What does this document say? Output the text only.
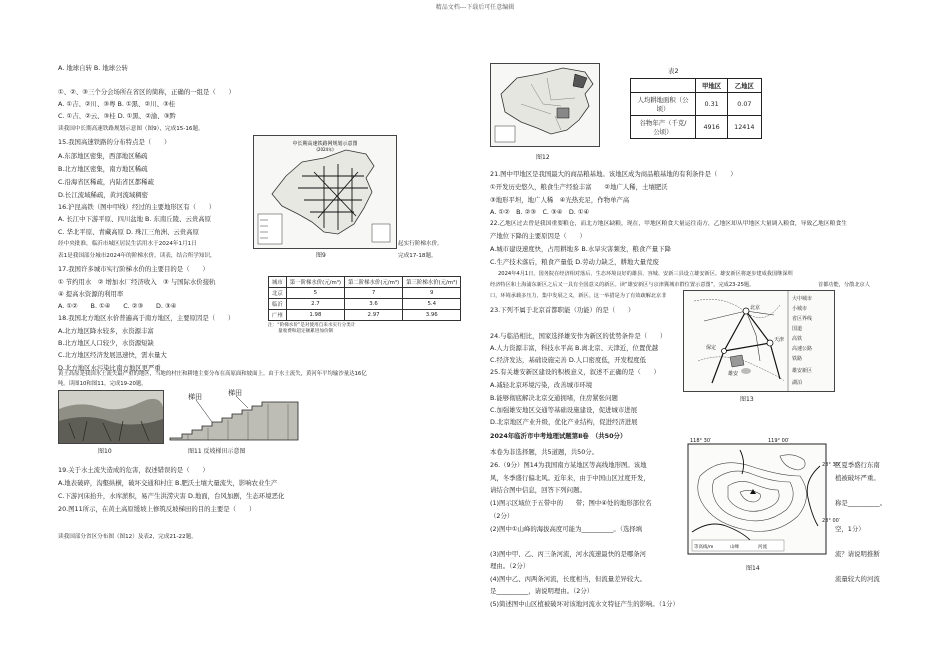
精品文档---下载后可任意编辑
A. 地球自转 B. 地球公转
①、②、③三个分会场所在省区的简称，正确的一组是（　　）
A. ①吉、②川、③粤 B. ①黑、②川、③桂
C. ①吉、②云、③桂 D. ①黑、②渝、③黔
读我国中长期高速铁路规划示意图（图9），完成15-16题。
15.我国高速铁路的分布特点是（　　）
A.东部地区密集，西部地区稀疏
B.北方地区密集，南方地区稀疏
C.沿海省区稀疏，内陆省区都稀疏
D.长江流域稀疏，黄河流域稠密
16.沪昆高铁（图中甲线）经过的主要地形区有（　　）
A. 长江中下游平原、四川盆地 B. 东南丘陵、云贵高原
C. 华北平原、青藏高原 D. 珠江三角洲、云贵高原
经中央批准，临沂市城区居民生活用水于2024年1月1日	起实行阶梯水价。
表1是我国部分城市2024年的阶梯水价，读表，结合所学知识，	完成17-18题。
17.我国许多城市实行阶梯水价的主要目的是（　　）
① 节约用水　② 增加水厂经济收入　③ 与国际水价接轨
④ 提高水资源的利用率
A. ①②　　B. ①④　　C. ②③　　D. ③④
18.我国北方地区水价普遍高于南方地区，主要原因是（　　）
A.北方地区降水较多，水资源丰富
B.北方地区人口较少，水资源短缺
C.北方地区经济发展迅速快，需水量大
D.北方地区水污染比南方地区更严重
中长期高速铁路网规划示意图
(2024年)
图9
城市	第一阶梯水价(元/m³)	第二阶梯水价(元/m³)	第三阶梯水价(元/m³)
北京	5	7	9
临沂	2.7	3.6	5.4
广州	1.98	2.97	3.96
注：“阶梯水价”是对使用自来水实行分类计
量收费和超定额累进加价制
黄土高原是我国水土流失最严重的地区，当地的村庄和耕地主要分布在高原面和坡面上。由于水土流失，黄河年平均输沙量达16亿
吨。读图10和图11，完成19-20题。
图10
梯田	梯田
图11 反坡梯田示意图
19.关于水土流失造成的危害，叙述错误的是（　　）
A.地表破碎，沟壑纵横，破坏交通和村庄 B.肥沃土壤大量流失，影响农业生产
C.下游河床抬升，水库淤积，易产生洪涝灾害 D.地面，台风加剧，生态环境恶化
20.图11所示，在黄土高原缓坡上修筑反坡梯田的目的主要是（　　）
读我国部分省区分布图（图12）及表2，完成21-22题。
图12
表2
	甲地区	乙地区
人均耕地面积（公顷）	0.31	0.07
谷物年产（千克/公顷）	4916	12414
21.图中甲地区是我国最大的商品粮基地。该地区成为商品粮基地的有利条件是（　　）
①开发历史悠久，粮食生产经验丰富　　②地广人稀，土壤肥沃
③地形平坦，地广人稀　④光热充足，作物单产高
A. ①②　B. ②③　C. ③④　D. ①④
22.乙地区过去曾是我国重要粮仓，而北方地区缺粮，现在，甲地区粮食大量运往南方，乙地区却从甲地区大量调入粮食，导致乙地区粮食生
产地位下降的主要原因是（　　）
A.城市建设速度快，占用耕地多 B.水旱灾害频发，粮食产量下降
C.生产技术落后，粮食产量低 D.劳动力缺乏，耕地大量荒废
2024年4月1日，国务院在经济相对落后、生态环境良好的雄县、容城、安新三县设立雄安新区。雄安新区将逐步建成我国继深圳
经济特区和上海浦东新区之后又一具有全国意义的新区。读“雄安新区与京津冀城市群位置示意图”，完成23-25题。	首都功能，分散北京人
口，环境承载多压力，集中发展之义，新区。这一举措是为了有效疏解北京非
23.下列不属于北京首都职能（功能）的是（　　）	北京
天津
保定
雄安
大中城市
小城市
省区界线
国道
高铁
高速公路
铁路
雄安新区
湖泊
图13
24.与临沿相比，国家选择雄安作为新区的优势条件是（　　）
A.人力资源丰富，科技水平高 B.离北京、天津近，位置优越
C.经济发达，基础设施完善 D.人口密度低，开发程度低
25.有关雄安新区建设的积极意义，叙述不正确的是（　　）
A.减轻北京环境污染，改善城市环境
B.能够彻底解决北京交通拥堵，住房紧张问题
C.加强雄安地区交通等基础设施建设，促进城市进展
D.北京地区产业升级，优化产业结构，促进经济进展
2024年临沂市中考地理试题第Ⅱ卷　（共50分）
本卷为非选择题，共5道题，共50分。
26.（9分）图14为我国南方某地区等高线地形图。该地	区夏季盛行东南
风，冬季盛行偏北风。近年来，由于中国山区过度开发，	植被破坏严重。
请结合图中信息，回答下列问题。
(1)图示区域位于五带中的　　带；图中④处的地形部位名	称是__________。
（2分）
(2)图中①山峰的海拔高度可能为__________。（选择填	空，1分）
(3)图中甲、乙、丙三条河流，河水流速最快的是哪条河	流？请说明推断
理由。（2分）
(4)图中乙、丙两条河流，长度相当，但流量差异较大。	流量较大的河流
是__________，请说明理由。（2分）
(5)简述图中山区植被破坏对该地河流水文特征产生的影响。（1分）
118° 30′	119° 00′
等高线/m	山峰	河流
28° 30′
28° 00′
图14
